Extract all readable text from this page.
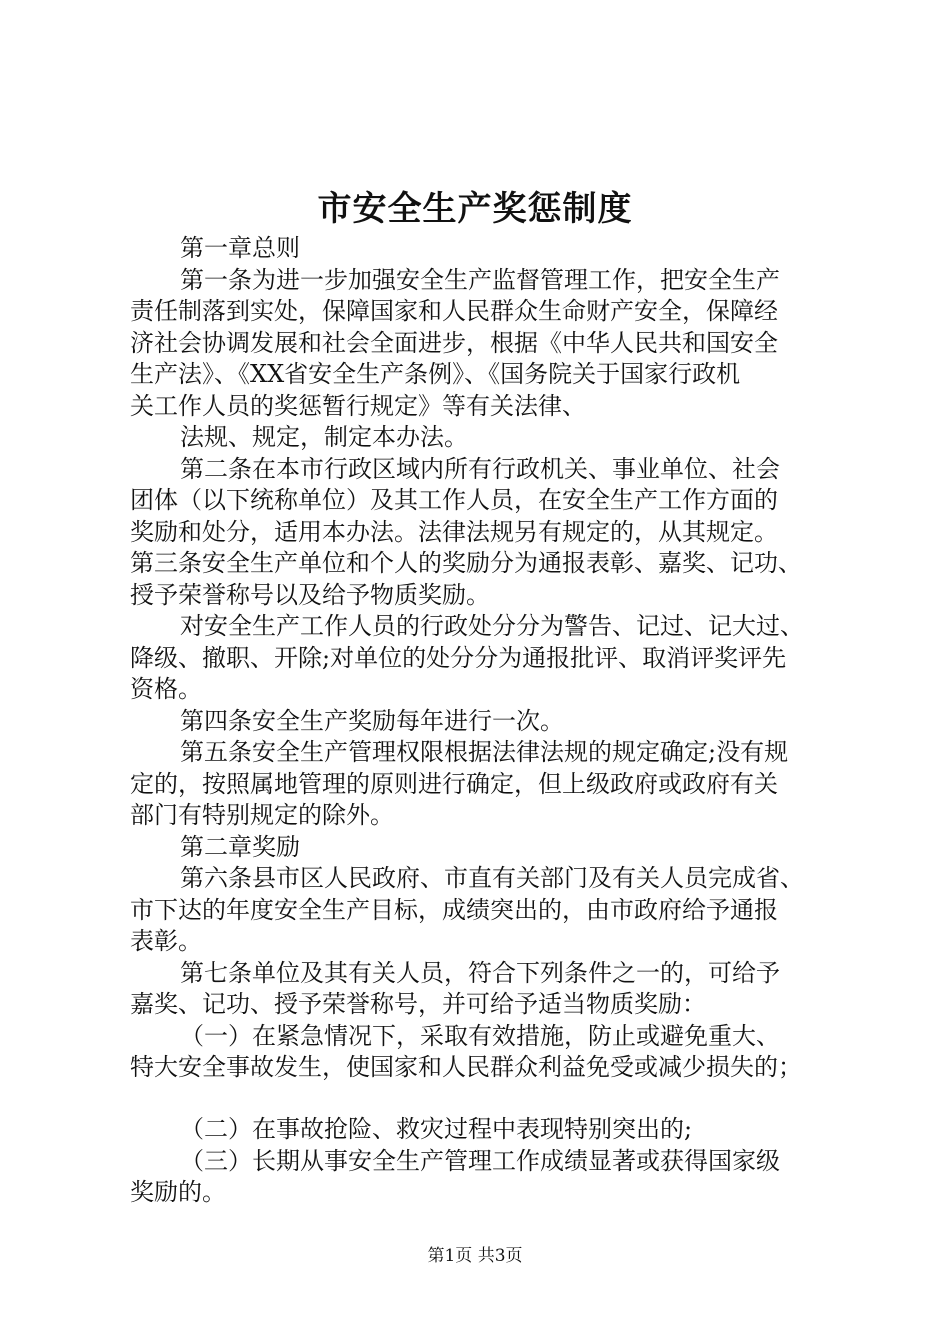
市安全生产奖惩制度
第一章总则
第一条为进一步加强安全生产监督管理工作，把安全生产
责任制落到实处，保障国家和人民群众生命财产安全，保障经
济社会协调发展和社会全面进步，根据《中华人民共和国安全
生产法》、《XX省安全生产条例》、《国务院关于国家行政机
关工作人员的奖惩暂行规定》等有关法律、
法规、规定，制定本办法。
第二条在本市行政区域内所有行政机关、事业单位、社会
团体（以下统称单位）及其工作人员，在安全生产工作方面的
奖励和处分，适用本办法。法律法规另有规定的，从其规定。
第三条安全生产单位和个人的奖励分为通报表彰、嘉奖、记功、
授予荣誉称号以及给予物质奖励。
对安全生产工作人员的行政处分分为警告、记过、记大过、
降级、撤职、开除;对单位的处分分为通报批评、取消评奖评先
资格。
第四条安全生产奖励每年进行一次。
第五条安全生产管理权限根据法律法规的规定确定;没有规
定的，按照属地管理的原则进行确定，但上级政府或政府有关
部门有特别规定的除外。
第二章奖励
第六条县市区人民政府、市直有关部门及有关人员完成省、
市下达的年度安全生产目标，成绩突出的，由市政府给予通报
表彰。
第七条单位及其有关人员，符合下列条件之一的，可给予
嘉奖、记功、授予荣誉称号，并可给予适当物质奖励：
（一）在紧急情况下，采取有效措施，防止或避免重大、
特大安全事故发生，使国家和人民群众利益免受或减少损失的；
（二）在事故抢险、救灾过程中表现特别突出的;
（三）长期从事安全生产管理工作成绩显著或获得国家级
奖励的。
第1页 共3页
